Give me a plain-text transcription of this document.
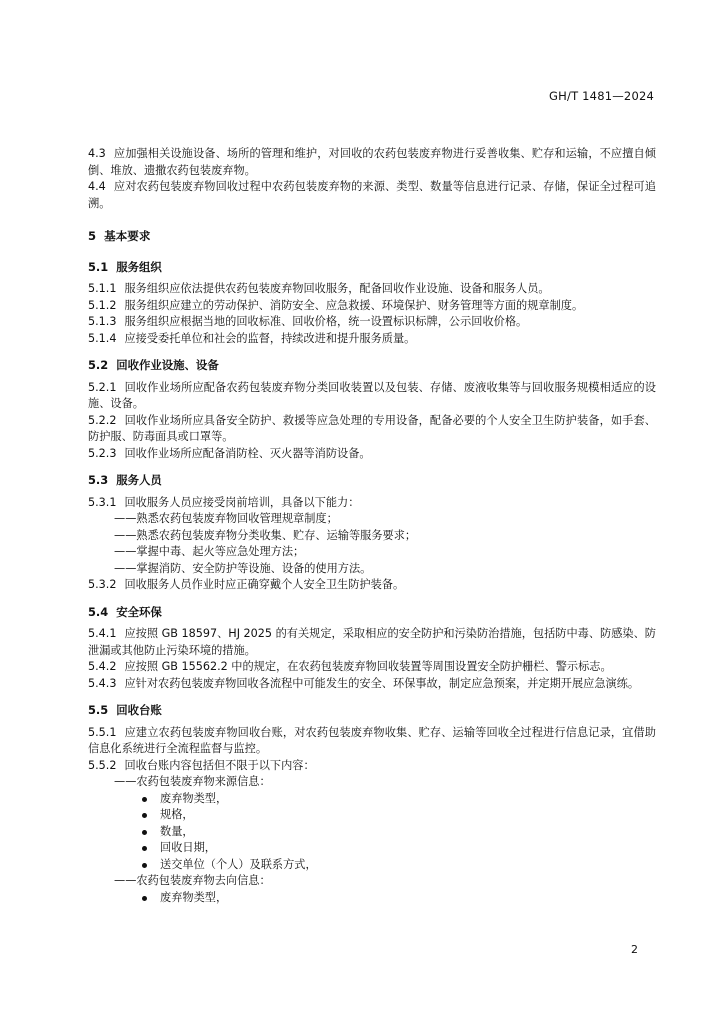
GH/T 1481—2024

4.3 应加强相关设施设备、场所的管理和维护，对回收的农药包装废弃物进行妥善收集、贮存和运输，不应擅自倾倒、堆放、遗撒农药包装废弃物。

4.4 应对农药包装废弃物回收过程中农药包装废弃物的来源、类型、数量等信息进行记录、存储，保证全过程可追溯。

5 基本要求

5.1 服务组织

5.1.1 服务组织应依法提供农药包装废弃物回收服务，配备回收作业设施、设备和服务人员。

5.1.2 服务组织应建立的劳动保护、消防安全、应急救援、环境保护、财务管理等方面的规章制度。

5.1.3 服务组织应根据当地的回收标准、回收价格，统一设置标识标牌，公示回收价格。

5.1.4 应接受委托单位和社会的监督，持续改进和提升服务质量。

5.2 回收作业设施、设备

5.2.1 回收作业场所应配备农药包装废弃物分类回收装置以及包装、存储、废液收集等与回收服务规模相适应的设施、设备。

5.2.2 回收作业场所应具备安全防护、救援等应急处理的专用设备，配备必要的个人安全卫生防护装备，如手套、防护服、防毒面具或口罩等。

5.2.3 回收作业场所应配备消防栓、灭火器等消防设备。

5.3 服务人员

5.3.1 回收服务人员应接受岗前培训，具备以下能力：

——熟悉农药包装废弃物回收管理规章制度；

——熟悉农药包装废弃物分类收集、贮存、运输等服务要求；

——掌握中毒、起火等应急处理方法；

——掌握消防、安全防护等设施、设备的使用方法。

5.3.2 回收服务人员作业时应正确穿戴个人安全卫生防护装备。

5.4 安全环保

5.4.1 应按照 GB 18597、HJ 2025 的有关规定，采取相应的安全防护和污染防治措施，包括防中毒、防感染、防泄漏或其他防止污染环境的措施。

5.4.2 应按照 GB 15562.2 中的规定，在农药包装废弃物回收装置等周围设置安全防护栅栏、警示标志。

5.4.3 应针对农药包装废弃物回收各流程中可能发生的安全、环保事故，制定应急预案，并定期开展应急演练。

5.5 回收台账

5.5.1 应建立农药包装废弃物回收台账，对农药包装废弃物收集、贮存、运输等回收全过程进行信息记录，宜借助信息化系统进行全流程监督与监控。

5.5.2 回收台账内容包括但不限于以下内容：

——农药包装废弃物来源信息：

废弃物类型，

规格，

数量，

回收日期，

送交单位（个人）及联系方式，

——农药包装废弃物去向信息：

废弃物类型，

2
